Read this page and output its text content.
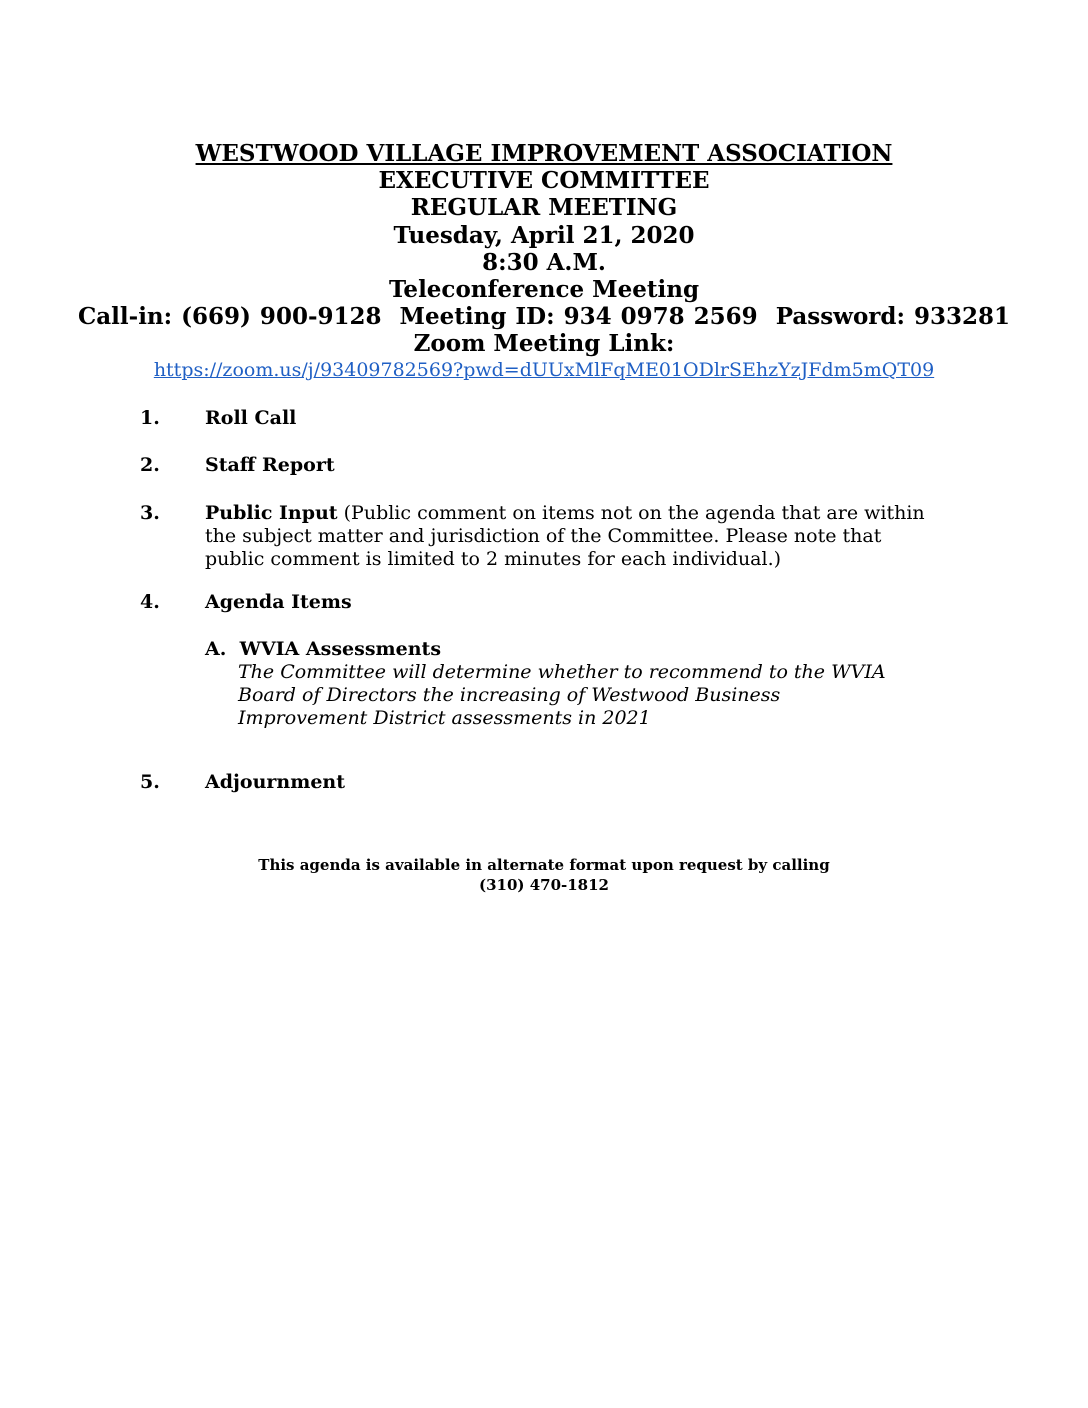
WESTWOOD VILLAGE IMPROVEMENT ASSOCIATION
EXECUTIVE COMMITTEE
REGULAR MEETING
Tuesday, April 21, 2020
8:30 A.M.
Teleconference Meeting
Call-in: (669) 900-9128  Meeting ID: 934 0978 2569  Password: 933281
Zoom Meeting Link:
https://zoom.us/j/93409782569?pwd=dUUxMlFqME01ODlrSEhzYzJFdm5mQT09
1. Roll Call
2. Staff Report
3. Public Input (Public comment on items not on the agenda that are within the subject matter and jurisdiction of the Committee. Please note that public comment is limited to 2 minutes for each individual.)
4. Agenda Items
A. WVIA Assessments
The Committee will determine whether to recommend to the WVIA Board of Directors the increasing of Westwood Business Improvement District assessments in 2021
5. Adjournment
This agenda is available in alternate format upon request by calling
(310) 470-1812
